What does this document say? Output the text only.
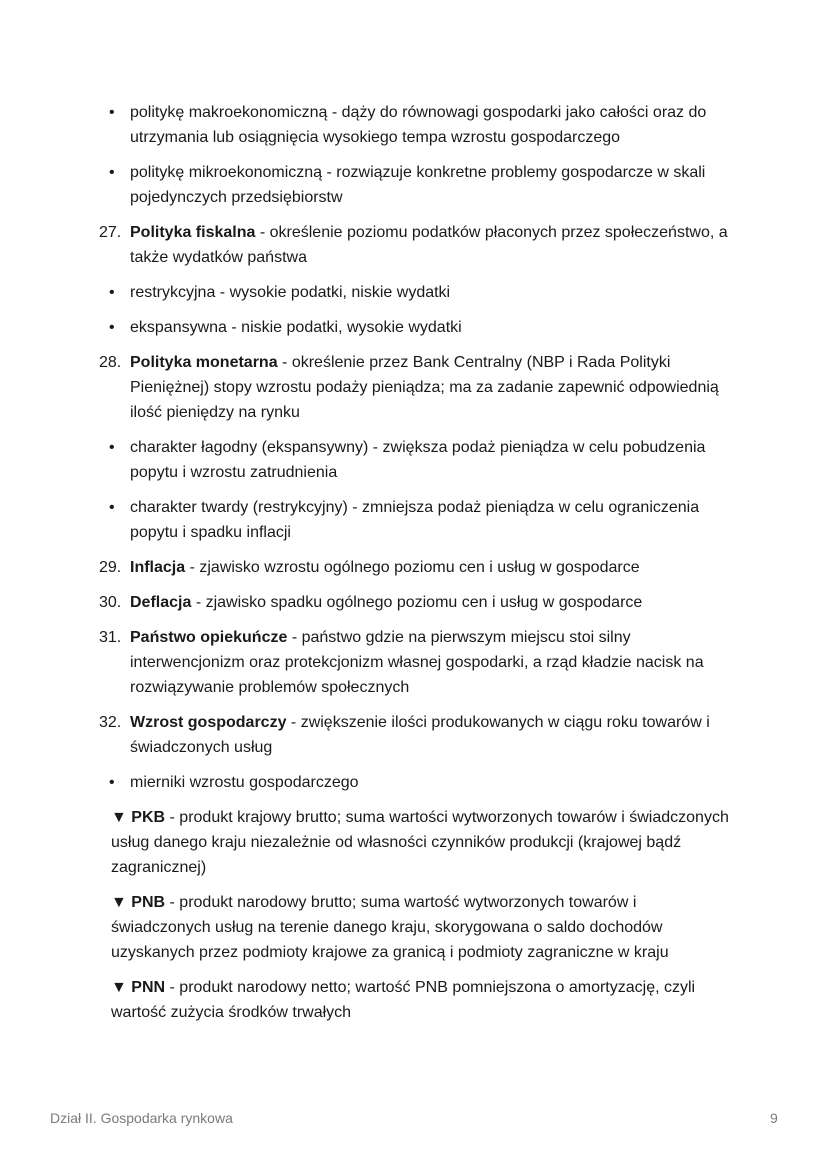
• politykę makroekonomiczną - dąży do równowagi gospodarki jako całości oraz do utrzymania lub osiągnięcia wysokiego tempa wzrostu gospodarczego
• politykę mikroekonomiczną - rozwiązuje konkretne problemy gospodarcze w skali pojedynczych przedsiębiorstw
27. Polityka fiskalna - określenie poziomu podatków płaconych przez społeczeństwo, a także wydatków państwa
• restrykcyjna - wysokie podatki, niskie wydatki
• ekspansywna - niskie podatki, wysokie wydatki
28. Polityka monetarna - określenie przez Bank Centralny (NBP i Rada Polityki Pieniężnej) stopy wzrostu podaży pieniądza; ma za zadanie zapewnić odpowiednią ilość pieniędzy na rynku
• charakter łagodny (ekspansywny) - zwiększa podaż pieniądza w celu pobudzenia popytu i wzrostu zatrudnienia
• charakter twardy (restrykcyjny) - zmniejsza podaż pieniądza w celu ograniczenia popytu i spadku inflacji
29. Inflacja - zjawisko wzrostu ogólnego poziomu cen i usług w gospodarce
30. Deflacja - zjawisko spadku ogólnego poziomu cen i usług w gospodarce
31. Państwo opiekuńcze - państwo gdzie na pierwszym miejscu stoi silny interwencjonizm oraz protekcjonizm własnej gospodarki, a rząd kładzie nacisk na rozwiązywanie problemów społecznych
32. Wzrost gospodarczy - zwiększenie ilości produkowanych w ciągu roku towarów i świadczonych usług
• mierniki wzrostu gospodarczego
▼ PKB - produkt krajowy brutto; suma wartości wytworzonych towarów i świadczonych usług danego kraju niezależnie od własności czynników produkcji (krajowej bądź zagranicznej)
▼ PNB - produkt narodowy brutto; suma wartość wytworzonych towarów i świadczonych usług na terenie danego kraju, skorygowana o saldo dochodów uzyskanych przez podmioty krajowe za granicą i podmioty zagraniczne w kraju
▼ PNN - produkt narodowy netto; wartość PNB pomniejszona o amortyzację, czyli wartość zużycia środków trwałych
Dział II. Gospodarka rynkowa	9
